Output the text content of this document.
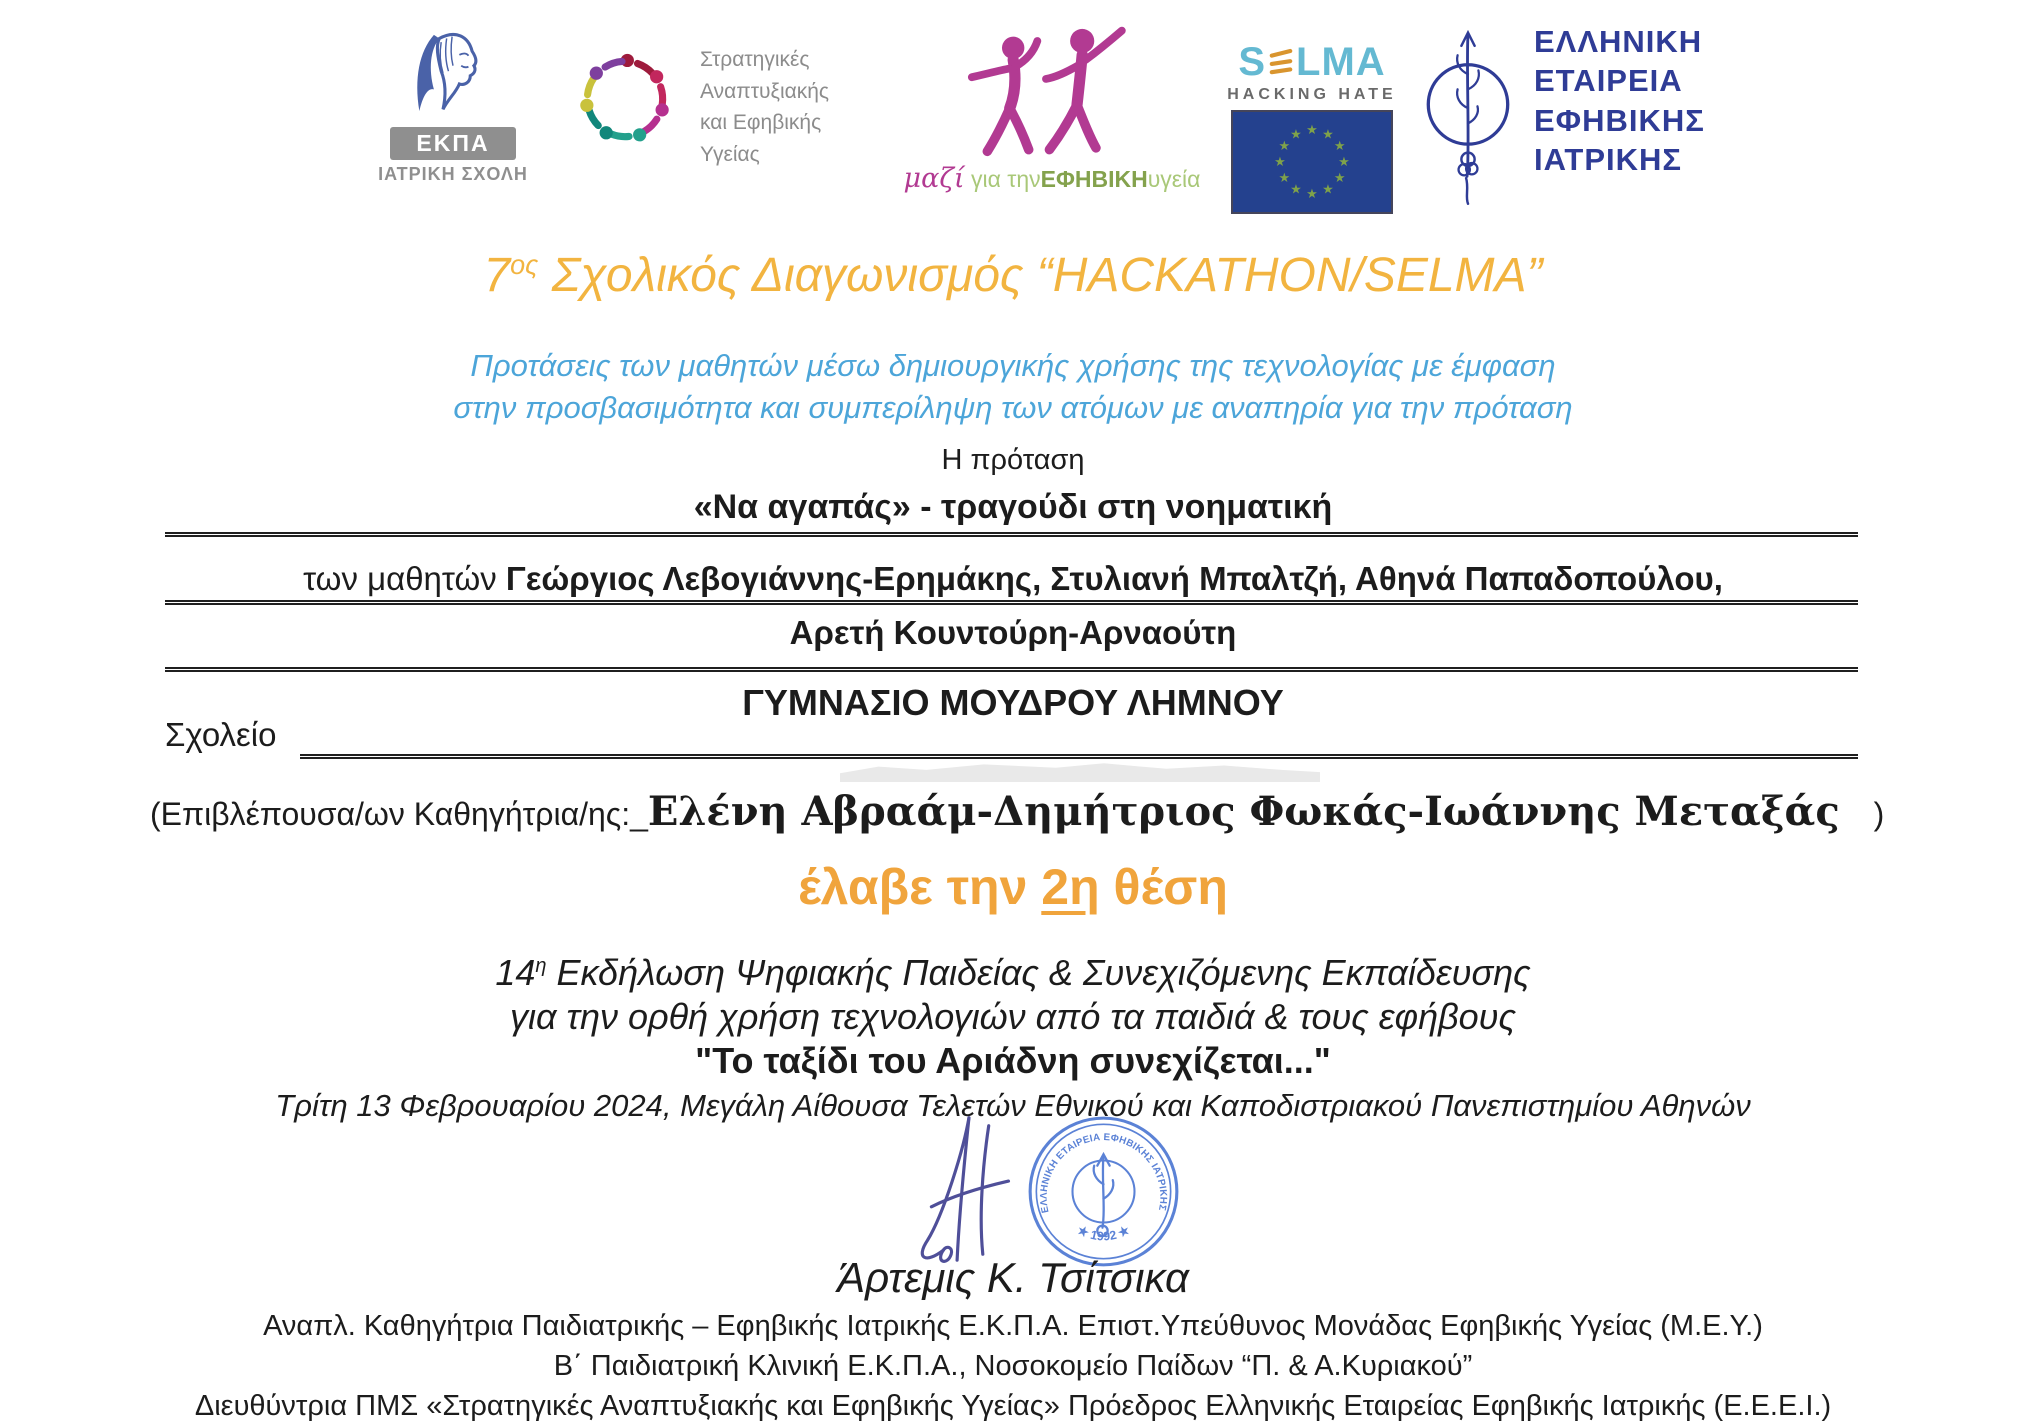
ΕΚΠΑ
ΙΑΤΡΙΚΗ ΣΧΟΛΗ
Στρατηγικές
Αναπτυξιακής
και Εφηβικής
Υγείας
μαζί για τηνΕΦΗΒΙΚΗυγεία
S LMA
HACKING HATE
★ ★
★
★
★
★
★
★
★
★
★
★
ΕΛΛΗΝΙΚΗ
ΕΤΑΙΡΕΙΑ
ΕΦΗΒΙΚΗΣ
ΙΑΤΡΙΚΗΣ
$7^{o\varsigma}$ Σχολικός Διαγωνισμός “HACKATHON/SELMA”
Προτάσεις των μαθητών μέσω δημιουργικής χρήσης της τεχνολογίας με έμφαση
στην προσβασιμότητα και συμπερίληψη των ατόμων με αναπηρία για την πρόταση
Η πρόταση
«Να αγαπάς» - τραγούδι στη νοηματική
των μαθητών Γεώργιος Λεβογιάννης-Ερημάκης, Στυλιανή Μπαλτζή, Αθηνά Παπαδοπούλου,
Αρετή Κουντούρη-Αρναούτη
ΓΥΜΝΑΣΙΟ ΜΟΥΔΡΟΥ ΛΗΜΝΟΥ
Σχολείο
(Επιβλέπουσα/ων Καθηγήτρια/ης:_Ελένη Αβραάμ-Δημήτριος Φωκάς-Ιωάννης Μεταξάς )
έλαβε την 2η θέση
$14^\eta$ Εκδήλωση Ψηφιακής Παιδείας & Συνεχιζόμενης Εκπαίδευσης
για την ορθή χρήση τεχνολογιών από τα παιδιά & τους εφήβους
"Το ταξίδι του Αριάδνη συνεχίζεται..."
Τρίτη 13 Φεβρουαρίου 2024, Μεγάλη Αίθουσα Τελετών Εθνικού και Καποδιστριακού Πανεπιστημίου Αθηνών
ΕΛΛΗΝΙΚΗ ΕΤΑΙΡΕΙΑ ΕΦΗΒΙΚΗΣ ΙΑΤΡΙΚΗΣ
★ 1992 ★
Άρτεμις Κ. Τσίτσικα
Αναπλ. Καθηγήτρια Παιδιατρικής – Εφηβικής Ιατρικής Ε.Κ.Π.Α. Επιστ.Υπεύθυνος Μονάδας Εφηβικής Υγείας (Μ.Ε.Υ.)
Β΄ Παιδιατρική Κλινική Ε.Κ.Π.Α., Νοσοκομείο Παίδων “Π. & Α.Κυριακού”
Διευθύντρια ΠΜΣ «Στρατηγικές Αναπτυξιακής και Εφηβικής Υγείας» Πρόεδρος Ελληνικής Εταιρείας Εφηβικής Ιατρικής (Ε.Ε.Ε.Ι.)
